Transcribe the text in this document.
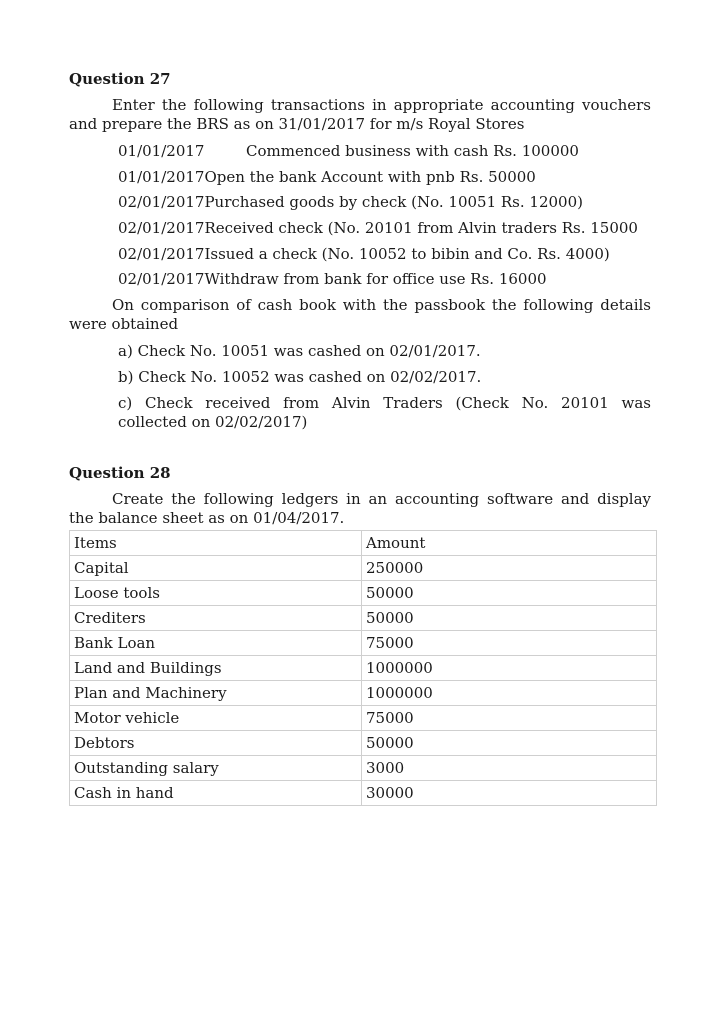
Question 27
Enter the following transactions in appropriate accounting vouchers and prepare the BRS as on 31/01/2017 for m/s Royal Stores
01/01/2017	Commenced business with cash Rs. 100000
01/01/2017Open the bank Account with pnb Rs. 50000
02/01/2017Purchased goods by check (No. 10051 Rs. 12000)
02/01/2017Received check (No. 20101 from Alvin traders Rs. 15000
02/01/2017Issued a check (No. 10052 to bibin and Co. Rs. 4000)
02/01/2017Withdraw from bank for office use Rs. 16000
On comparison of cash book with the passbook the following details were obtained
a) Check No. 10051 was cashed on 02/01/2017.
b) Check No. 10052 was cashed on 02/02/2017.
c) Check received from Alvin Traders (Check No. 20101 was collected on 02/02/2017)
Question 28
Create the following ledgers in an accounting software and display the balance sheet as on 01/04/2017.
Items	Amount
Capital	250000
Loose tools	50000
Crediters	50000
Bank Loan	75000
Land and Buildings	1000000
Plan and Machinery	1000000
Motor vehicle	75000
Debtors	50000
Outstanding salary	3000
Cash in hand	30000
